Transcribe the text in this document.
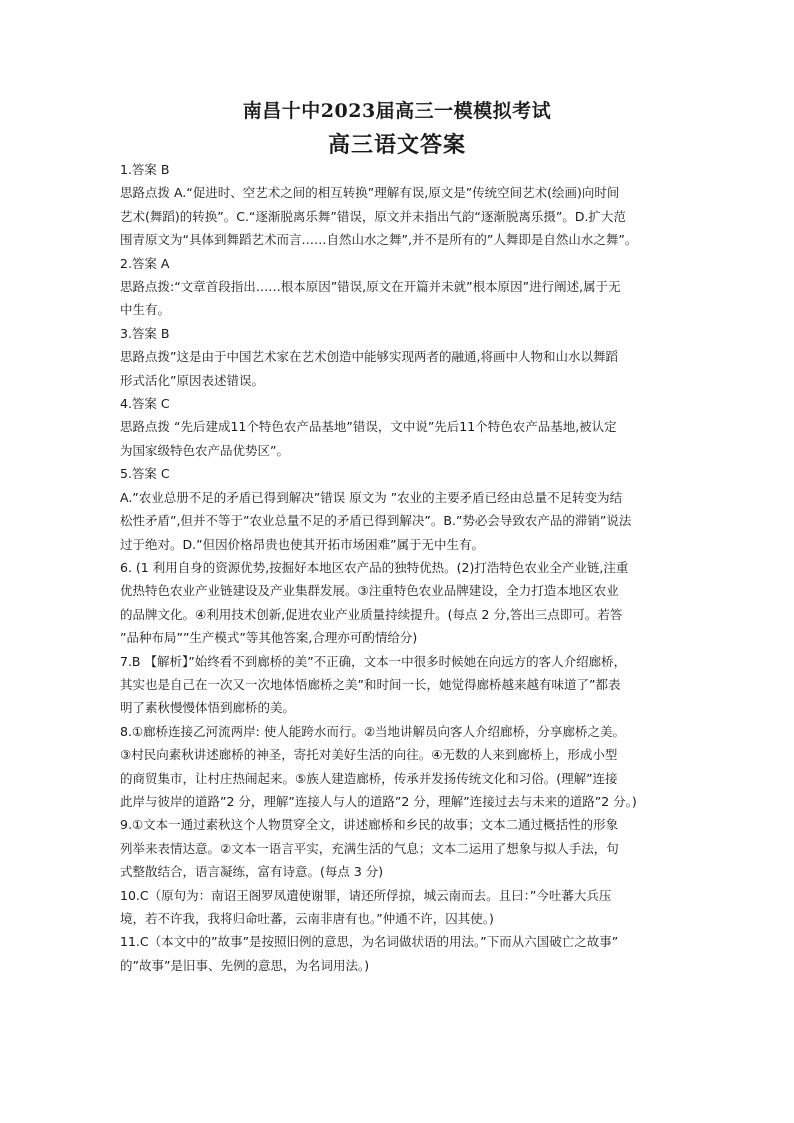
南昌十中2023届高三一模模拟考试
高三语文答案
1.答案 B
思路点拨 A.“促进时、空艺术之间的相互转换”理解有误,原文是”传统空间艺术(绘画)向时间
艺术(舞蹈)的转换”。C.“逐渐脱离乐舞”错误，原文并未指出气韵“逐渐脱离乐摄”。D.扩大范
围青原文为“具体到舞蹈艺术而言……自然山水之舞”,并不是所有的”人舞即是自然山水之舞”。
2.答案 A
思路点拨:“文章首段指出……根本原因”错误,原文在开篇并未就”根本原因”进行阐述,属于无
中生有。
3.答案 B
思路点拨”这是由于中国艺术家在艺术创造中能够实现两者的融通,将画中人物和山水以舞蹈
形式活化”原因表述错误。
4.答案 C
思路点拨 “先后建成11个特色农产品基地”错误，文中说”先后11个特色农产品基地,被认定
为国家级特色农产品优势区”。
5.答案 C
A.”农业总册不足的矛盾已得到解决”错误 原文为 ”农业的主要矛盾已经由总量不足转变为结
松性矛盾”,但并不等于”农业总量不足的矛盾已得到解决”。B.”势必会导致农产品的滞销”说法
过于绝对。D.”但因价格昂贵也使其开拓市场困难”属于无中生有。
6. (1 利用自身的资源优势,按掘好本地区农产品的独特优热。(2)打浩特色农业全产业链,注重
优热特色农业产业链建设及产业集群发展。③注重特色农业品牌建设，全力打造本地区农业
的品牌文化。④利用技术创新,促进农业产业质量持续提升。(每点 2 分,答出三点即可。若答
”品种布局””生产模式”等其他答案,合理亦可酌情给分)
7.B 【解析】”始终看不到廊桥的美”不正确，文本一中很多时候她在向远方的客人介绍廊桥，
其实也是自己在一次又一次地体悟廊桥之美”和时间一长，她觉得廊桥越来越有味道了”都表
明了素秋慢慢体悟到廊桥的美。
8.①廊桥连接乙河流两岸: 使人能跨水而行。②当地讲解员向客人介绍廊桥，分享廊桥之美。
③村民向素秋讲述廊桥的神圣，寄托对美好生活的向往。④无数的人来到廊桥上，形成小型
的商贸集市，让村庄热闹起来。⑤族人建造廊桥，传承并发扬传统文化和习俗。(理解”连接
此岸与彼岸的道路”2 分，理解”连接人与人的道路”2 分，理解”连接过去与未来的道路”2 分。)
9.①文本一通过素秋这个人物贯穿全文，讲述廊桥和乡民的故事；文本二通过概括性的形象
列举来表情达意。②文本一语言平实，充满生活的气息；文本二运用了想象与拟人手法，句
式整散结合，语言凝练，富有诗意。(每点 3 分)
10.C（原句为：南诏王阁罗凤遣使谢罪，请还所俘掠，城云南而去。且曰：”今吐蕃大兵压
境，若不许我，我将归命吐蕃，云南非唐有也。”仲通不许，囚其使。)
11.C（本文中的”故事”是按照旧例的意思，为名词做状语的用法。”下而从六国破亡之故事”
的”故事”是旧事、先例的意思，为名词用法。)
